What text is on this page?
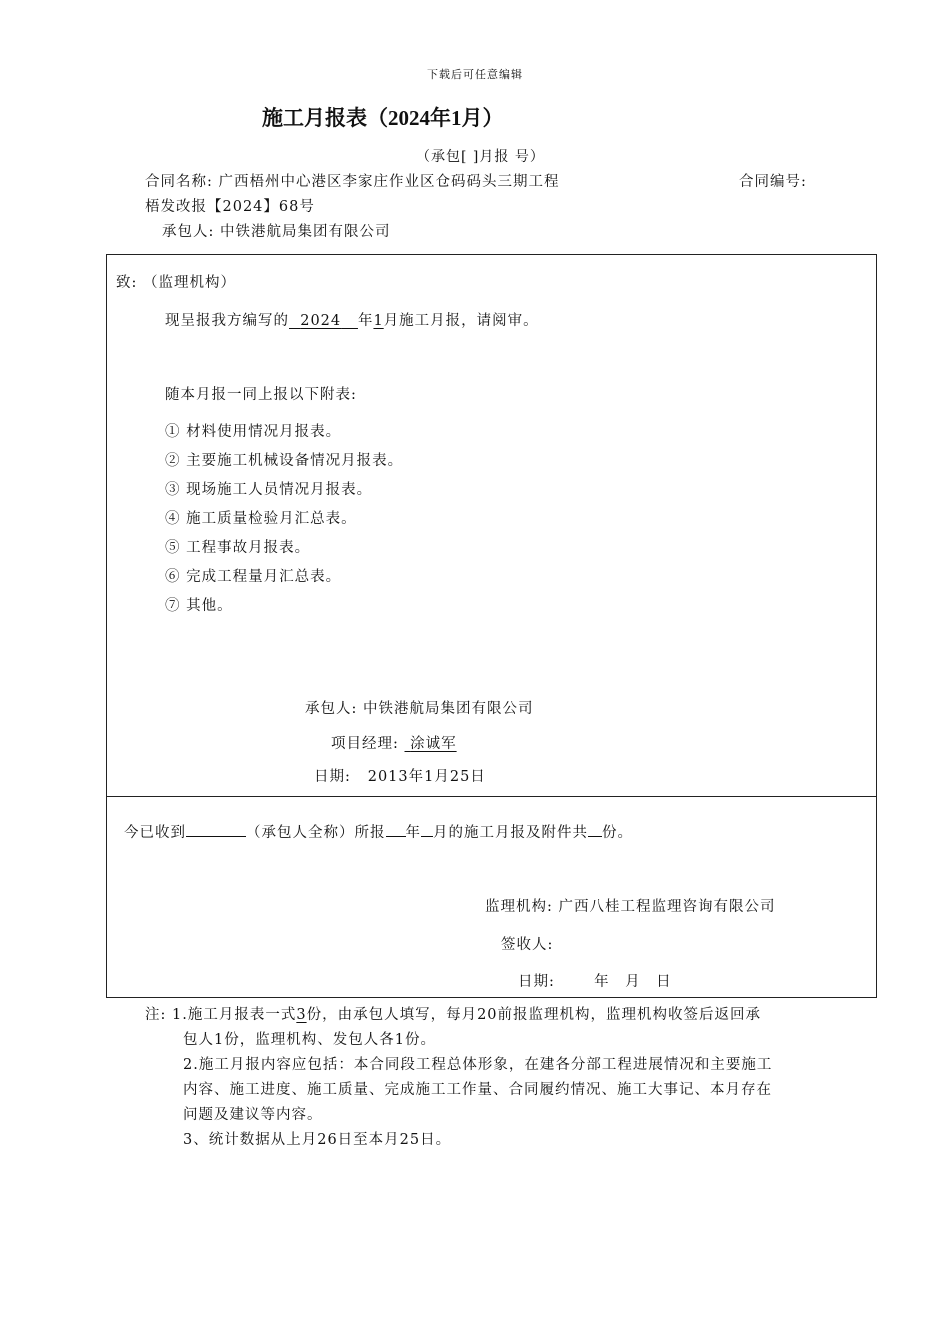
下载后可任意编辑
施工月报表（2024年1月）
（承包[ ]月报 号）
合同名称: 广西梧州中心港区李家庄作业区仓码码头三期工程	合同编号:
梧发改报【2024】68号
承包人: 中铁港航局集团有限公司
致: （监理机构）
现呈报我方编写的 2024 年1月施工月报，请阅审。
随本月报一同上报以下附表:
① 材料使用情况月报表。
② 主要施工机械设备情况月报表。
③ 现场施工人员情况月报表。
④ 施工质量检验月汇总表。
⑤ 工程事故月报表。
⑥ 完成工程量月汇总表。
⑦ 其他。
承包人: 中铁港航局集团有限公司
项目经理: 涂诚军
日期: 2013年1月25日
今已收到	（承包人全称）所报 年 月的施工月报及附件共 份。
监理机构: 广西八桂工程监理咨询有限公司
签收人:
日期:	年　月　日
注: 1.施工月报表一式3份，由承包人填写，每月20前报监理机构，监理机构收签后返回承
包人1份，监理机构、发包人各1份。
2.施工月报内容应包括：本合同段工程总体形象，在建各分部工程进展情况和主要施工
内容、施工进度、施工质量、完成施工工作量、合同履约情况、施工大事记、本月存在
问题及建议等内容。
3、统计数据从上月26日至本月25日。
